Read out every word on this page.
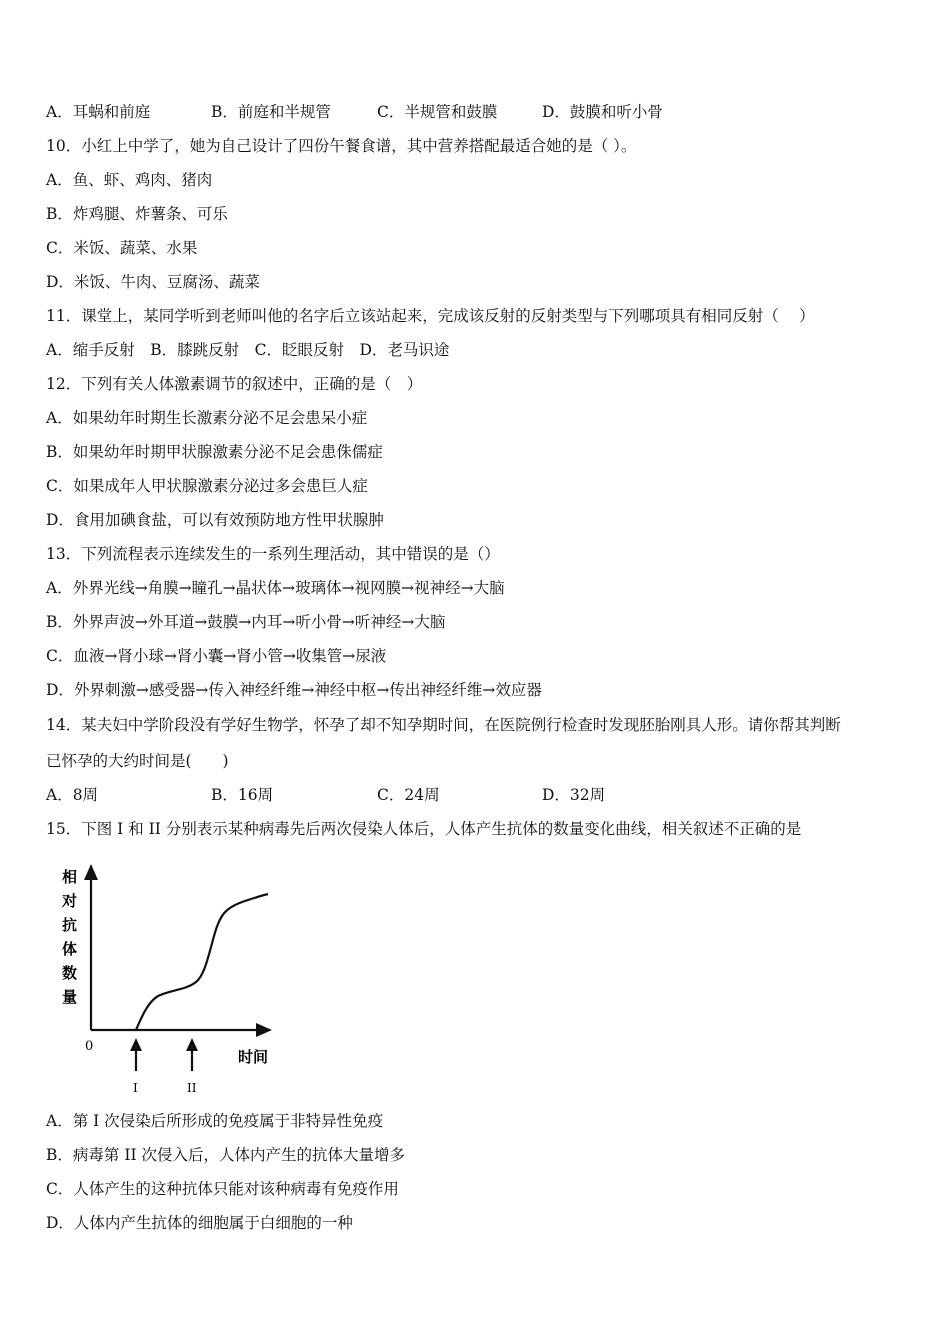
A．耳蜗和前庭	B．前庭和半规管	C．半规管和鼓膜	D．鼓膜和听小骨
10．小红上中学了，她为自己设计了四份午餐食谱，其中营养搭配最适合她的是（ ）。
A．鱼、虾、鸡肉、猪肉
B．炸鸡腿、炸薯条、可乐
C．米饭、蔬菜、水果
D．米饭、牛肉、豆腐汤、蔬菜
11．课堂上，某同学听到老师叫他的名字后立该站起来，完成该反射的反射类型与下列哪项具有相同反射（　 ）
A．缩手反射　B．膝跳反射　C．眨眼反射　D．老马识途
12．下列有关人体激素调节的叙述中，正确的是（　）
A．如果幼年时期生长激素分泌不足会患呆小症
B．如果幼年时期甲状腺激素分泌不足会患侏儒症
C．如果成年人甲状腺激素分泌过多会患巨人症
D．食用加碘食盐，可以有效预防地方性甲状腺肿
13．下列流程表示连续发生的一系列生理活动，其中错误的是（）
A．外界光线→角膜→瞳孔→晶状体→玻璃体→视网膜→视神经→大脑
B．外界声波→外耳道→鼓膜→内耳→听小骨→听神经→大脑
C．血液→肾小球→肾小囊→肾小管→收集管→尿液
D．外界刺激→感受器→传入神经纤维→神经中枢→传出神经纤维→效应器
14．某夫妇中学阶段没有学好生物学，怀孕了却不知孕期时间，在医院例行检查时发现胚胎刚具人形。请你帮其判断
已怀孕的大约时间是(　　)
A．8周	B．16周	C．24周	D．32周
15．下图 I 和 II 分别表示某种病毒先后两次侵染人体后，人体产生抗体的数量变化曲线，相关叙述不正确的是
相
对
抗
体
数
量
0
时间
I	II
A．第 I 次侵染后所形成的免疫属于非特异性免疫
B．病毒第 II 次侵入后，人体内产生的抗体大量增多
C．人体产生的这种抗体只能对该种病毒有免疫作用
D．人体内产生抗体的细胞属于白细胞的一种
